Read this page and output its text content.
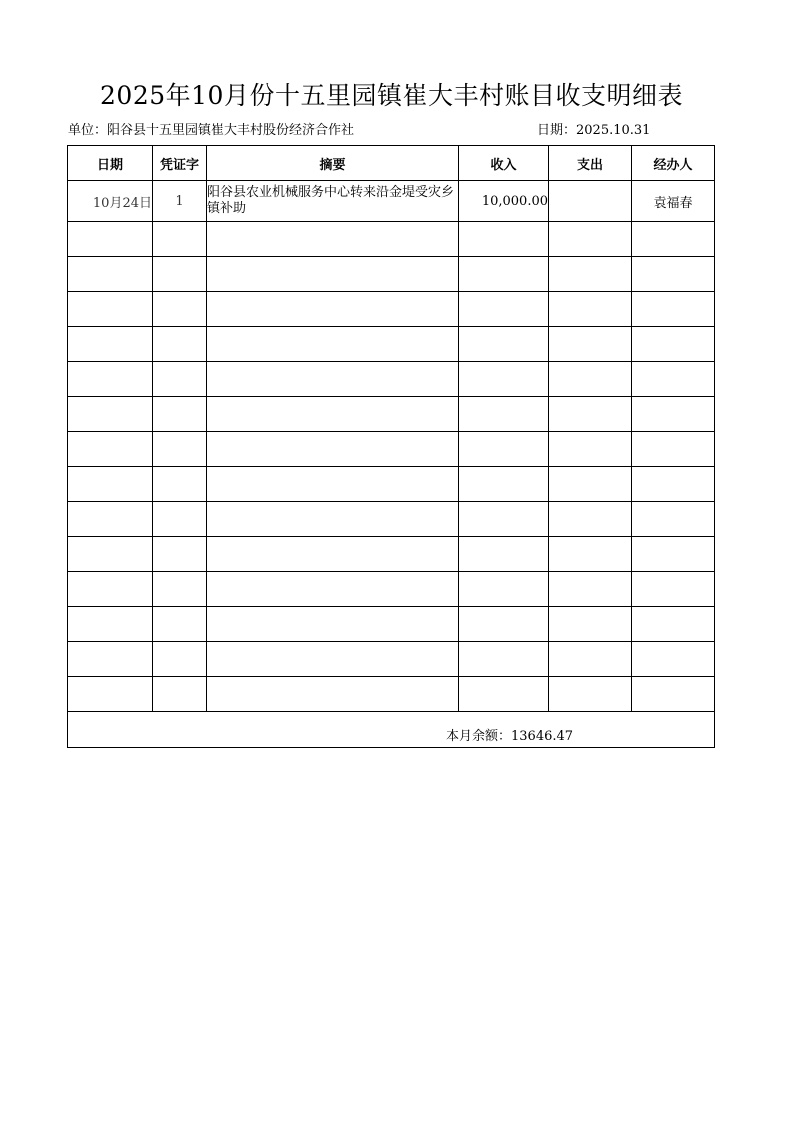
2025年10月份十五里园镇崔大丰村账目收支明细表
单位：阳谷县十五里园镇崔大丰村股份经济合作社	日期：2025.10.31
日期	凭证字	摘要	收入	支出	经办人
10月24日	1	阳谷县农业机械服务中心转来沿金堤受灾乡镇补助	10,000.00		袁福春

本月余额：13646.47
